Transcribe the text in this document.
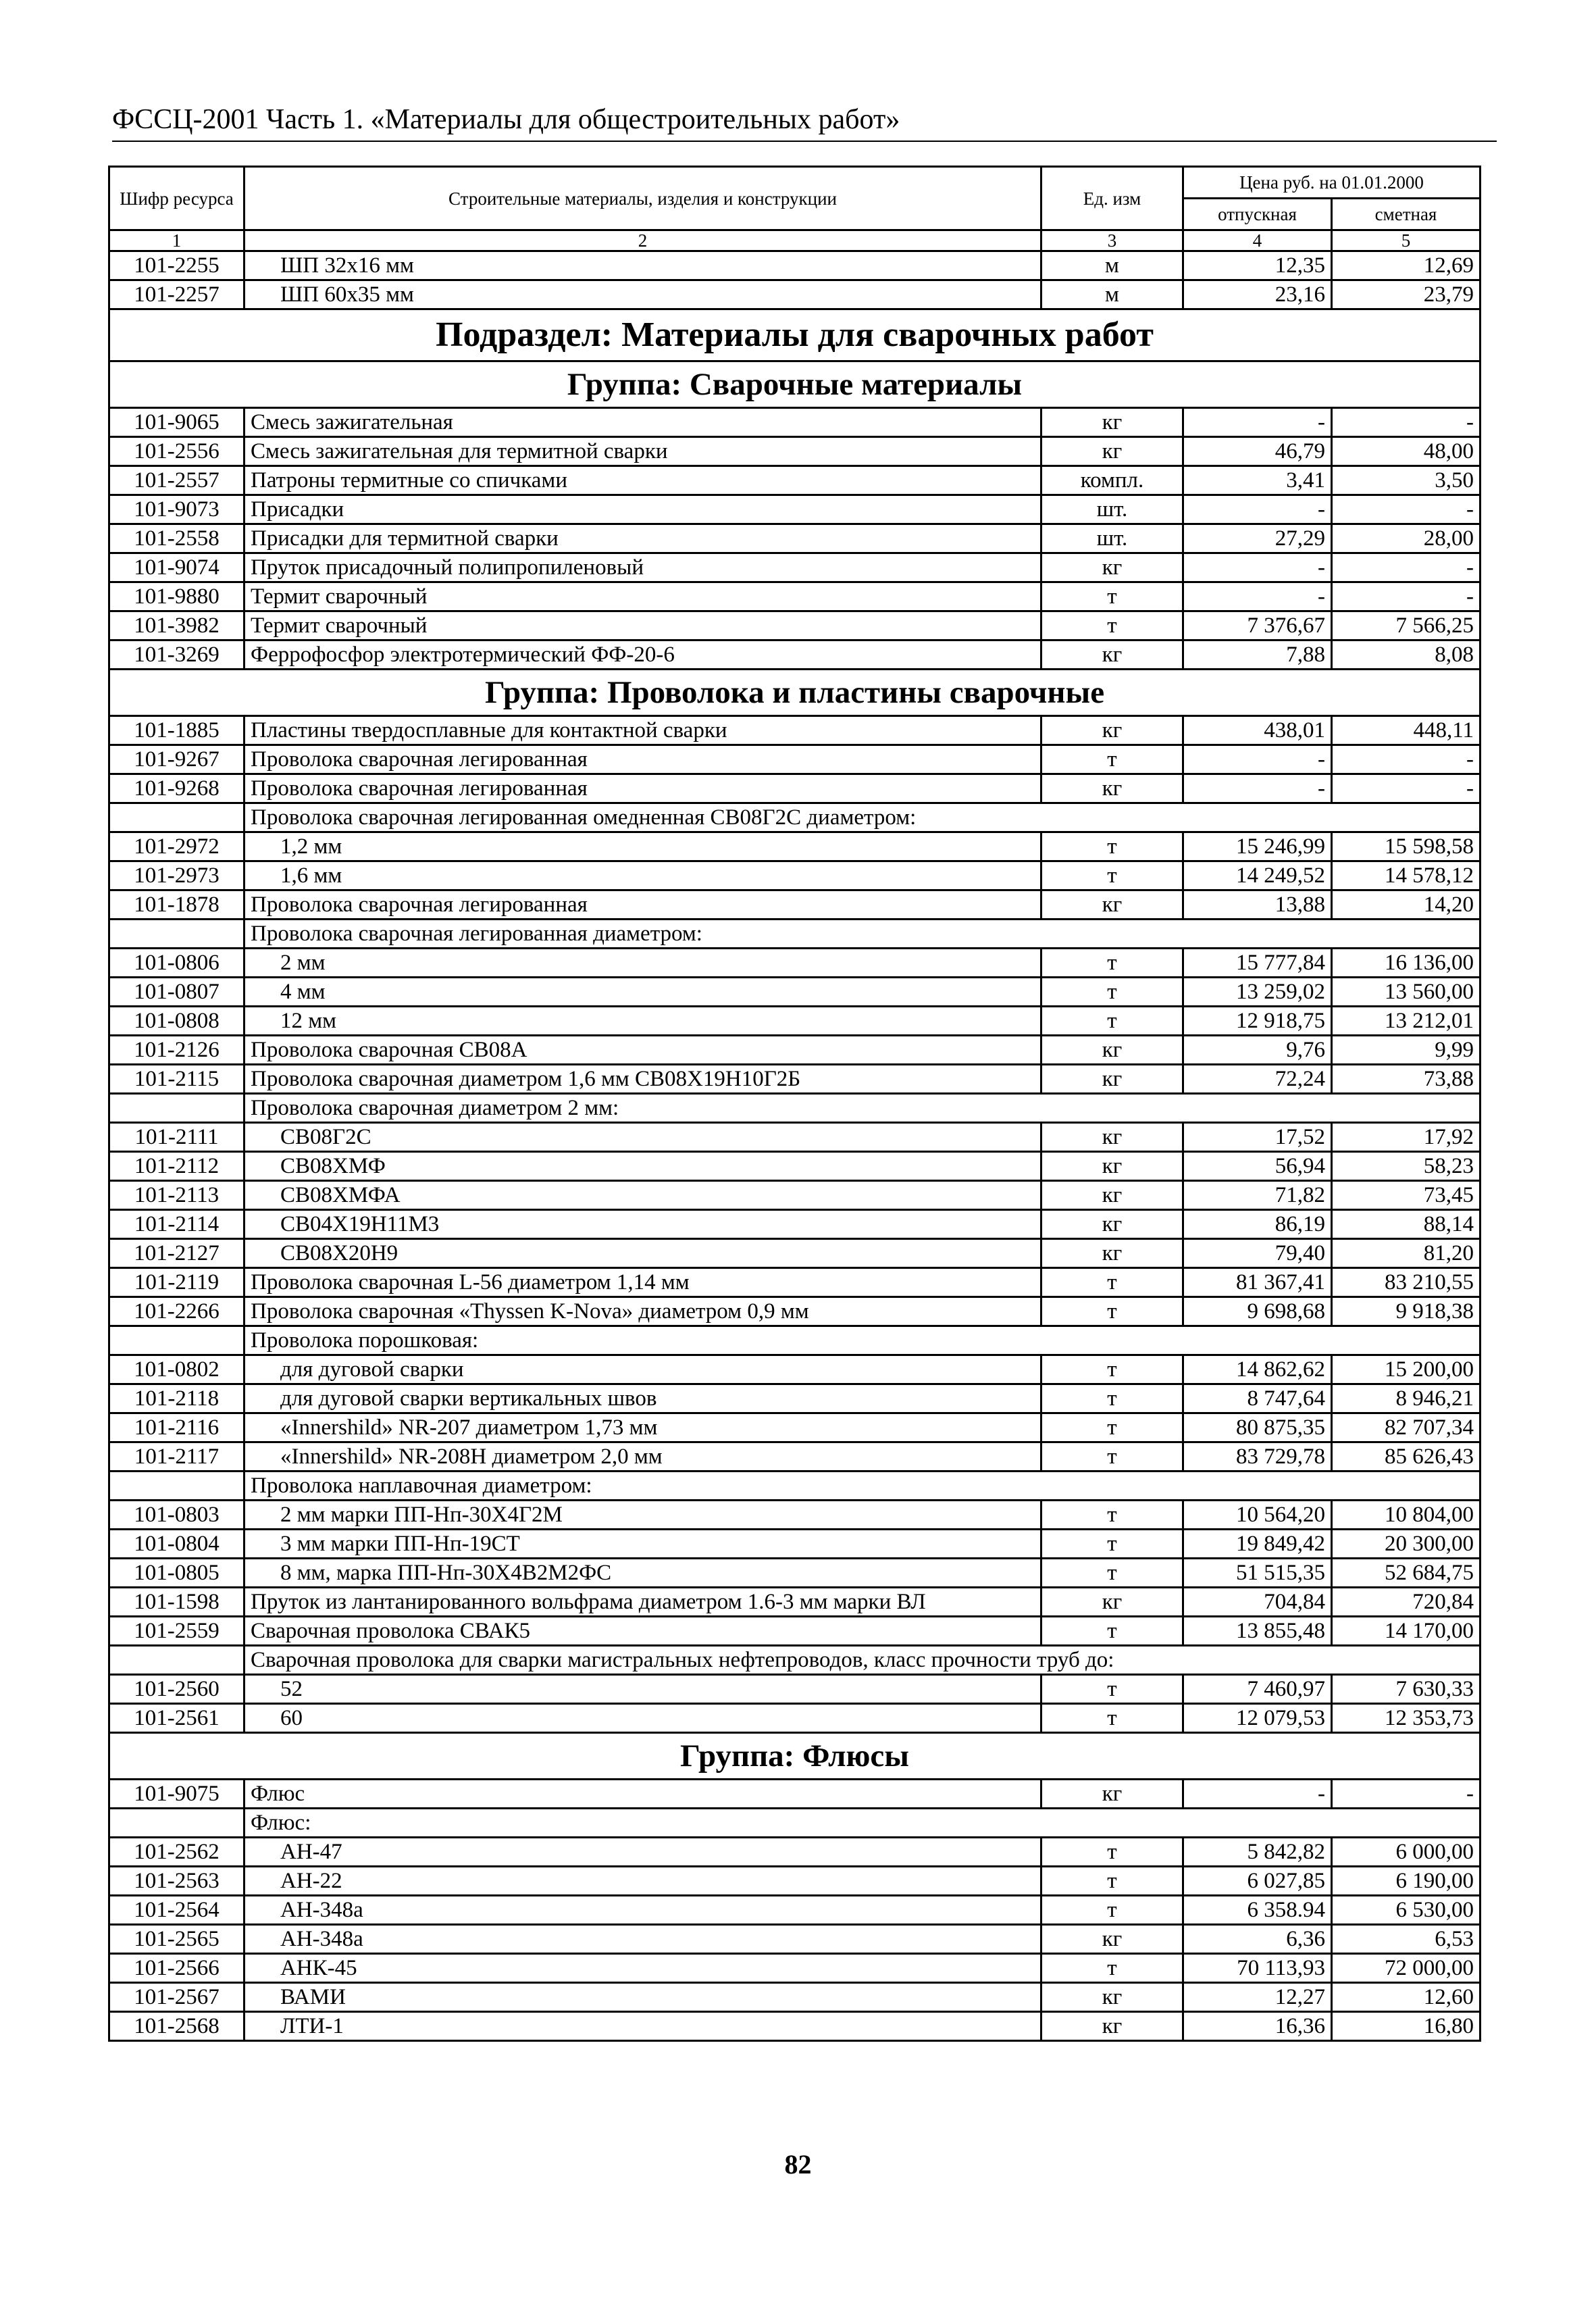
ФССЦ-2001 Часть 1. «Материалы для общестроительных работ»
Шифр ресурса	Строительные материалы, изделия и конструкции	Ед. изм	Цена руб. на 01.01.2000	
			отпускная	сметная
1	2	3	4	5
101-2255	ШП 32x16 мм	м	12,35	12,69
101-2257	ШП 60x35 мм	м	23,16	23,79
Подраздел: Материалы для сварочных работ				
Группа: Сварочные материалы				
101-9065	Смесь зажигательная	кг	-	-
101-2556	Смесь зажигательная для термитной сварки	кг	46,79	48,00
101-2557	Патроны термитные со спичками	компл.	3,41	3,50
101-9073	Присадки	шт.	-	-
101-2558	Присадки для термитной сварки	шт.	27,29	28,00
101-9074	Пруток присадочный полипропиленовый	кг	-	-
101-9880	Термит сварочный	т	-	-
101-3982	Термит сварочный	т	7 376,67	7 566,25
101-3269	Феррофосфор электротермический ФФ-20-6	кг	7,88	8,08
Группа: Проволока и пластины сварочные				
101-1885	Пластины твердосплавные для контактной сварки	кг	438,01	448,11
101-9267	Проволока сварочная легированная	т	-	-
101-9268	Проволока сварочная легированная	кг	-	-
	Проволока сварочная легированная омедненная СВ08Г2С диаметром:			
101-2972	1,2 мм	т	15 246,99	15 598,58
101-2973	1,6 мм	т	14 249,52	14 578,12
101-1878	Проволока сварочная легированная	кг	13,88	14,20
	Проволока сварочная легированная диаметром:			
101-0806	2 мм	т	15 777,84	16 136,00
101-0807	4 мм	т	13 259,02	13 560,00
101-0808	12 мм	т	12 918,75	13 212,01
101-2126	Проволока сварочная СВ08А	кг	9,76	9,99
101-2115	Проволока сварочная диаметром 1,6 мм СВ08Х19Н10Г2Б	кг	72,24	73,88
	Проволока сварочная диаметром 2 мм:			
101-2111	СВ08Г2С	кг	17,52	17,92
101-2112	СВ08ХМФ	кг	56,94	58,23
101-2113	СВ08ХМФА	кг	71,82	73,45
101-2114	СВ04Х19Н11М3	кг	86,19	88,14
101-2127	СВ08Х20Н9	кг	79,40	81,20
101-2119	Проволока сварочная L-56 диаметром 1,14 мм	т	81 367,41	83 210,55
101-2266	Проволока сварочная «Thyssen K-Nova» диаметром 0,9 мм	т	9 698,68	9 918,38
	Проволока порошковая:			
101-0802	для дуговой сварки	т	14 862,62	15 200,00
101-2118	для дуговой сварки вертикальных швов	т	8 747,64	8 946,21
101-2116	«Innershild» NR-207 диаметром 1,73 мм	т	80 875,35	82 707,34
101-2117	«Innershild» NR-208H диаметром 2,0 мм	т	83 729,78	85 626,43
	Проволока наплавочная диаметром:			
101-0803	2 мм марки ПП-Нп-30Х4Г2М	т	10 564,20	10 804,00
101-0804	3 мм марки ПП-Нп-19СТ	т	19 849,42	20 300,00
101-0805	8 мм, марка ПП-Нп-30Х4В2М2ФС	т	51 515,35	52 684,75
101-1598	Пруток из лантанированного вольфрама диаметром 1.6-3 мм марки ВЛ	кг	704,84	720,84
101-2559	Сварочная проволока СВАК5	т	13 855,48	14 170,00
	Сварочная проволока для сварки магистральных нефтепроводов, класс прочности труб до:			
101-2560	52	т	7 460,97	7 630,33
101-2561	60	т	12 079,53	12 353,73
Группа: Флюсы				
101-9075	Флюс	кг	-	-
	Флюс:			
101-2562	АН-47	т	5 842,82	6 000,00
101-2563	АН-22	т	6 027,85	6 190,00
101-2564	АН-348а	т	6 358.94	6 530,00
101-2565	АН-348а	кг	6,36	6,53
101-2566	АНК-45	т	70 113,93	72 000,00
101-2567	ВАМИ	кг	12,27	12,60
101-2568	ЛТИ-1	кг	16,36	16,80
82
